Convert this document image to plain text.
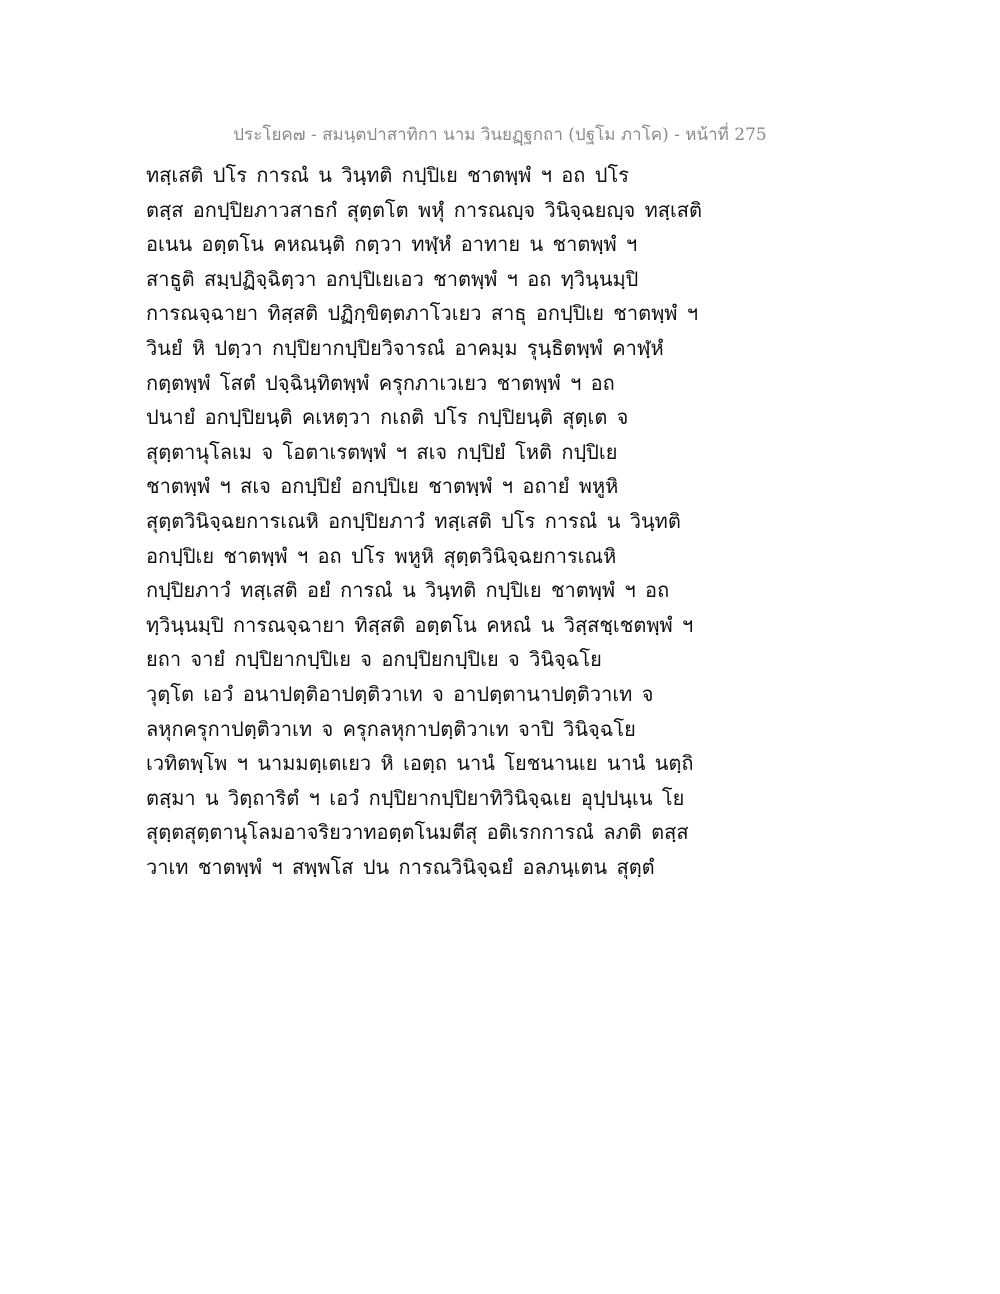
ประโยค๗ - สมนฺตปาสาทิกา นาม วินยฏฺฐกถา (ปฐโม ภาโค) - หน้าที่ 275
ทสฺเสติ ปโร การณํ น วินฺทติ กปฺปิเย ชาตพฺพํ ฯ อถ ปโร
ตสฺส อกปฺปิยภาวสาธกํ สุตฺตโต พหุํ การณญฺจ วินิจฺฉยญฺจ ทสฺเสติ
อเนน อตฺตโน คหณนฺติ กตฺวา ทฬฺหํ อาทาย น ชาตพฺพํ ฯ
สาธูติ สมฺปฏิจฺฉิตฺวา อกปฺปิเยเอว ชาตพฺพํ ฯ อถ ทฺวินฺนมฺปิ
การณจฺฉายา ทิสฺสติ ปฏิกฺขิตฺตภาโวเยว สาธุ อกปฺปิเย ชาตพฺพํ ฯ
วินยํ หิ ปตฺวา กปฺปิยากปฺปิยวิจารณํ อาคมฺม รุนฺธิตพฺพํ คาฬฺหํ
กตฺตพฺพํ โสตํ ปจฺฉินฺทิตพฺพํ ครุกภาเวเยว ชาตพฺพํ ฯ อถ
ปนายํ อกปฺปิยนฺติ คเหตฺวา กเถติ ปโร กปฺปิยนฺติ สุตฺเต จ
สุตฺตานุโลเม จ โอตาเรตพฺพํ ฯ สเจ กปฺปิยํ โหติ กปฺปิเย
ชาตพฺพํ ฯ สเจ อกปฺปิยํ อกปฺปิเย ชาตพฺพํ ฯ อถายํ พหูหิ
สุตฺตวินิจฺฉยการเณหิ อกปฺปิยภาวํ ทสฺเสติ ปโร การณํ น วินฺทติ
อกปฺปิเย ชาตพฺพํ ฯ อถ ปโร พหูหิ สุตฺตวินิจฺฉยการเณหิ
กปฺปิยภาวํ ทสฺเสติ อยํ การณํ น วินฺทติ กปฺปิเย ชาตพฺพํ ฯ อถ
ทฺวินฺนมฺปิ การณจฺฉายา ทิสฺสติ อตฺตโน คหณํ น วิสฺสชฺเชตพฺพํ ฯ
ยถา จายํ กปฺปิยากปฺปิเย จ อกปฺปิยกปฺปิเย จ วินิจฺฉโย
วุตฺโต เอวํ อนาปตฺติอาปตฺติวาเท จ อาปตฺตานาปตฺติวาเท จ
ลหุกครุกาปตฺติวาเท จ ครุกลหุกาปตฺติวาเท จาปิ วินิจฺฉโย
เวทิตพฺโพ ฯ นามมตฺเตเยว หิ เอตฺถ นานํ โยชนานเย นานํ นตฺถิ
ตสฺมา น วิตฺถาริตํ ฯ เอวํ กปฺปิยากปฺปิยาทิวินิจฺฉเย อุปฺปนฺเน โย
สุตฺตสุตฺตานุโลมอาจริยวาทอตฺตโนมตีสุ อติเรกการณํ ลภติ ตสฺส
วาเท ชาตพฺพํ ฯ สพฺพโส ปน การณวินิจฺฉยํ อลภนฺเตน สุตฺตํ
